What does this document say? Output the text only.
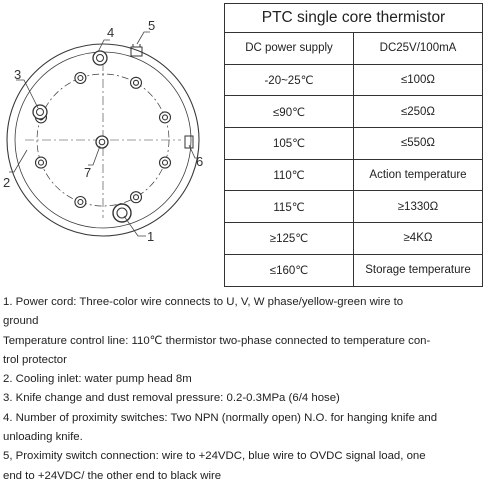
1
2
3
4	5
6
7
PTC single core thermistor	
DC power supply	DC25V/100mA
-20~25℃	≤100Ω
≤90℃	≤250Ω
105℃	≤550Ω
110℃	Action temperature
115℃	≥1330Ω
≥125℃	≥4KΩ
≤160℃	Storage temperature
1. Power cord: Three-color wire connects to U, V, W phase/yellow-green wire to
ground
Temperature control line: 110℃ thermistor two-phase connected to temperature con-
trol protector
2. Cooling inlet: water pump head 8m
3. Knife change and dust removal pressure: 0.2-0.3MPa (6/4 hose)
4. Number of proximity switches: Two NPN (normally open) N.O. for hanging knife and
unloading knife.
5, Proximity switch connection: wire to +24VDC, blue wire to OVDC signal load, one
end to +24VDC/ the other end to black wire
